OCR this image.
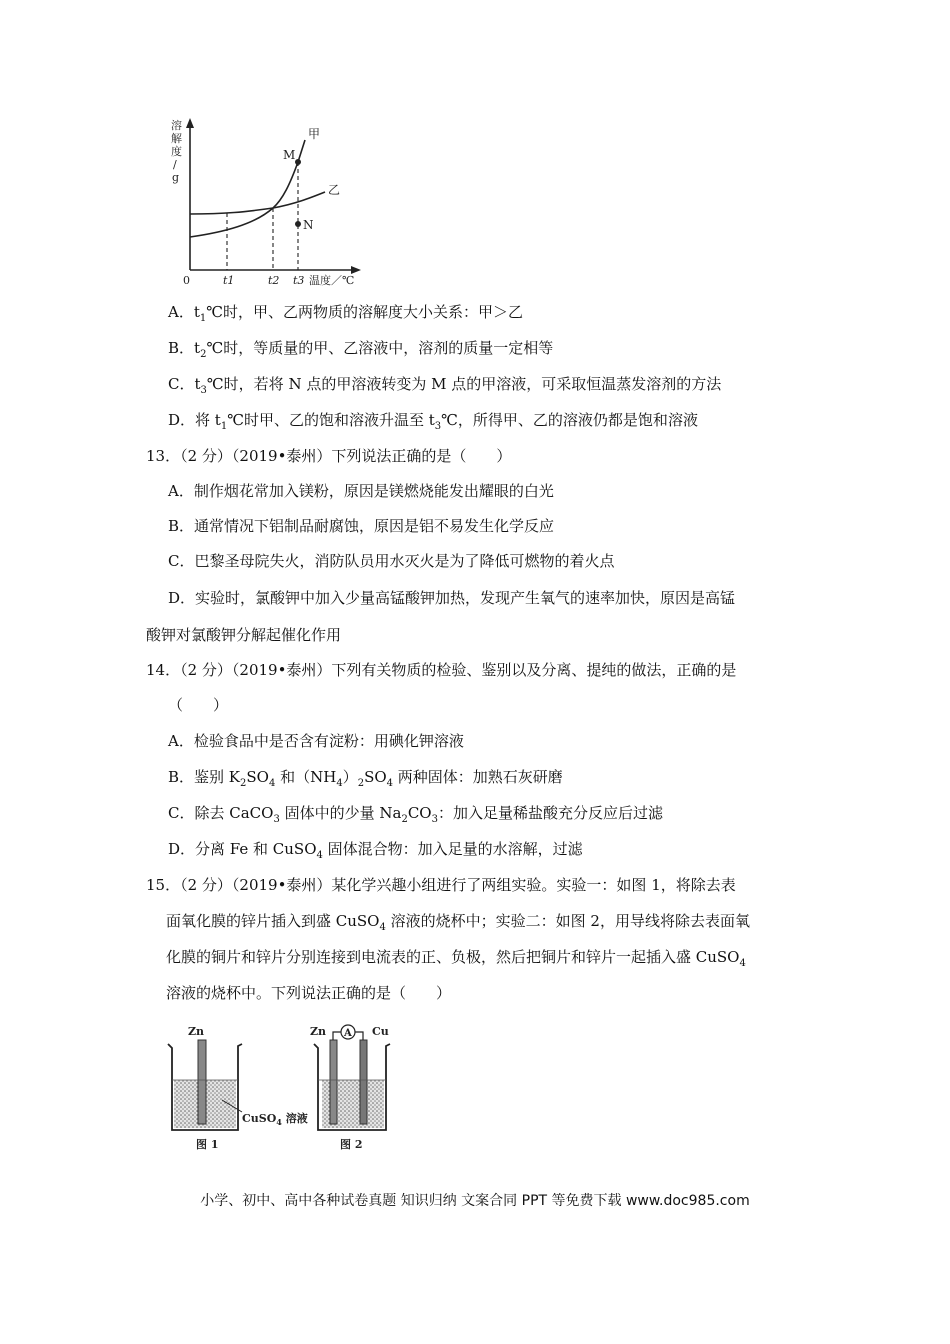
溶
解
度
/
g
0
M
N
甲
乙
t1	t2 t3 温度／℃
A．$t_1℃$时，甲、乙两物质的溶解度大小关系：甲＞乙
B．$t_2℃$时，等质量的甲、乙溶液中，溶剂的质量一定相等
C．$t_3℃$时，若将 N 点的甲溶液转变为 M 点的甲溶液，可采取恒温蒸发溶剂的方法
D．将 $t_1℃$时甲、乙的饱和溶液升温至 $t_3℃$，所得甲、乙的溶液仍都是饱和溶液
13．（2 分）（2019•泰州）下列说法正确的是（　　）
A．制作烟花常加入镁粉，原因是镁燃烧能发出耀眼的白光
B．通常情况下铝制品耐腐蚀，原因是铝不易发生化学反应
C．巴黎圣母院失火，消防队员用水灭火是为了降低可燃物的着火点
D．实验时，氯酸钾中加入少量高锰酸钾加热，发现产生氧气的速率加快，原因是高锰
酸钾对氯酸钾分解起催化作用
14．（2 分）（2019•泰州）下列有关物质的检验、鉴别以及分离、提纯的做法，正确的是
（　　）
A．检验食品中是否含有淀粉：用碘化钾溶液
B．鉴别 $K_2SO_4$ 和$(NH_4)_2SO_4$ 两种固体：加熟石灰研磨
C．除去 CaCO$_3$ 固体中的少量 $Na_2CO_3$：加入足量稀盐酸充分反应后过滤
D．分离 Fe 和 CuSO$_4$ 固体混合物：加入足量的水溶解，过滤
15．（2 分）（2019•泰州）某化学兴趣小组进行了两组实验。实验一：如图 1，将除去表
面氧化膜的锌片插入到盛 CuSO$_4$ 溶液的烧杯中；实验二：如图 2，用导线将除去表面氧
化膜的铜片和锌片分别连接到电流表的正、负极，然后把铜片和锌片一起插入盛 CuSO$_4$
溶液的烧杯中。下列说法正确的是（　　）
Zn	A
Zn	Cu
CuSO$_4$ 溶液
图 1	图 2
小学、初中、高中各种试卷真题 知识归纳 文案合同 PPT 等免费下载 www.doc985.com
